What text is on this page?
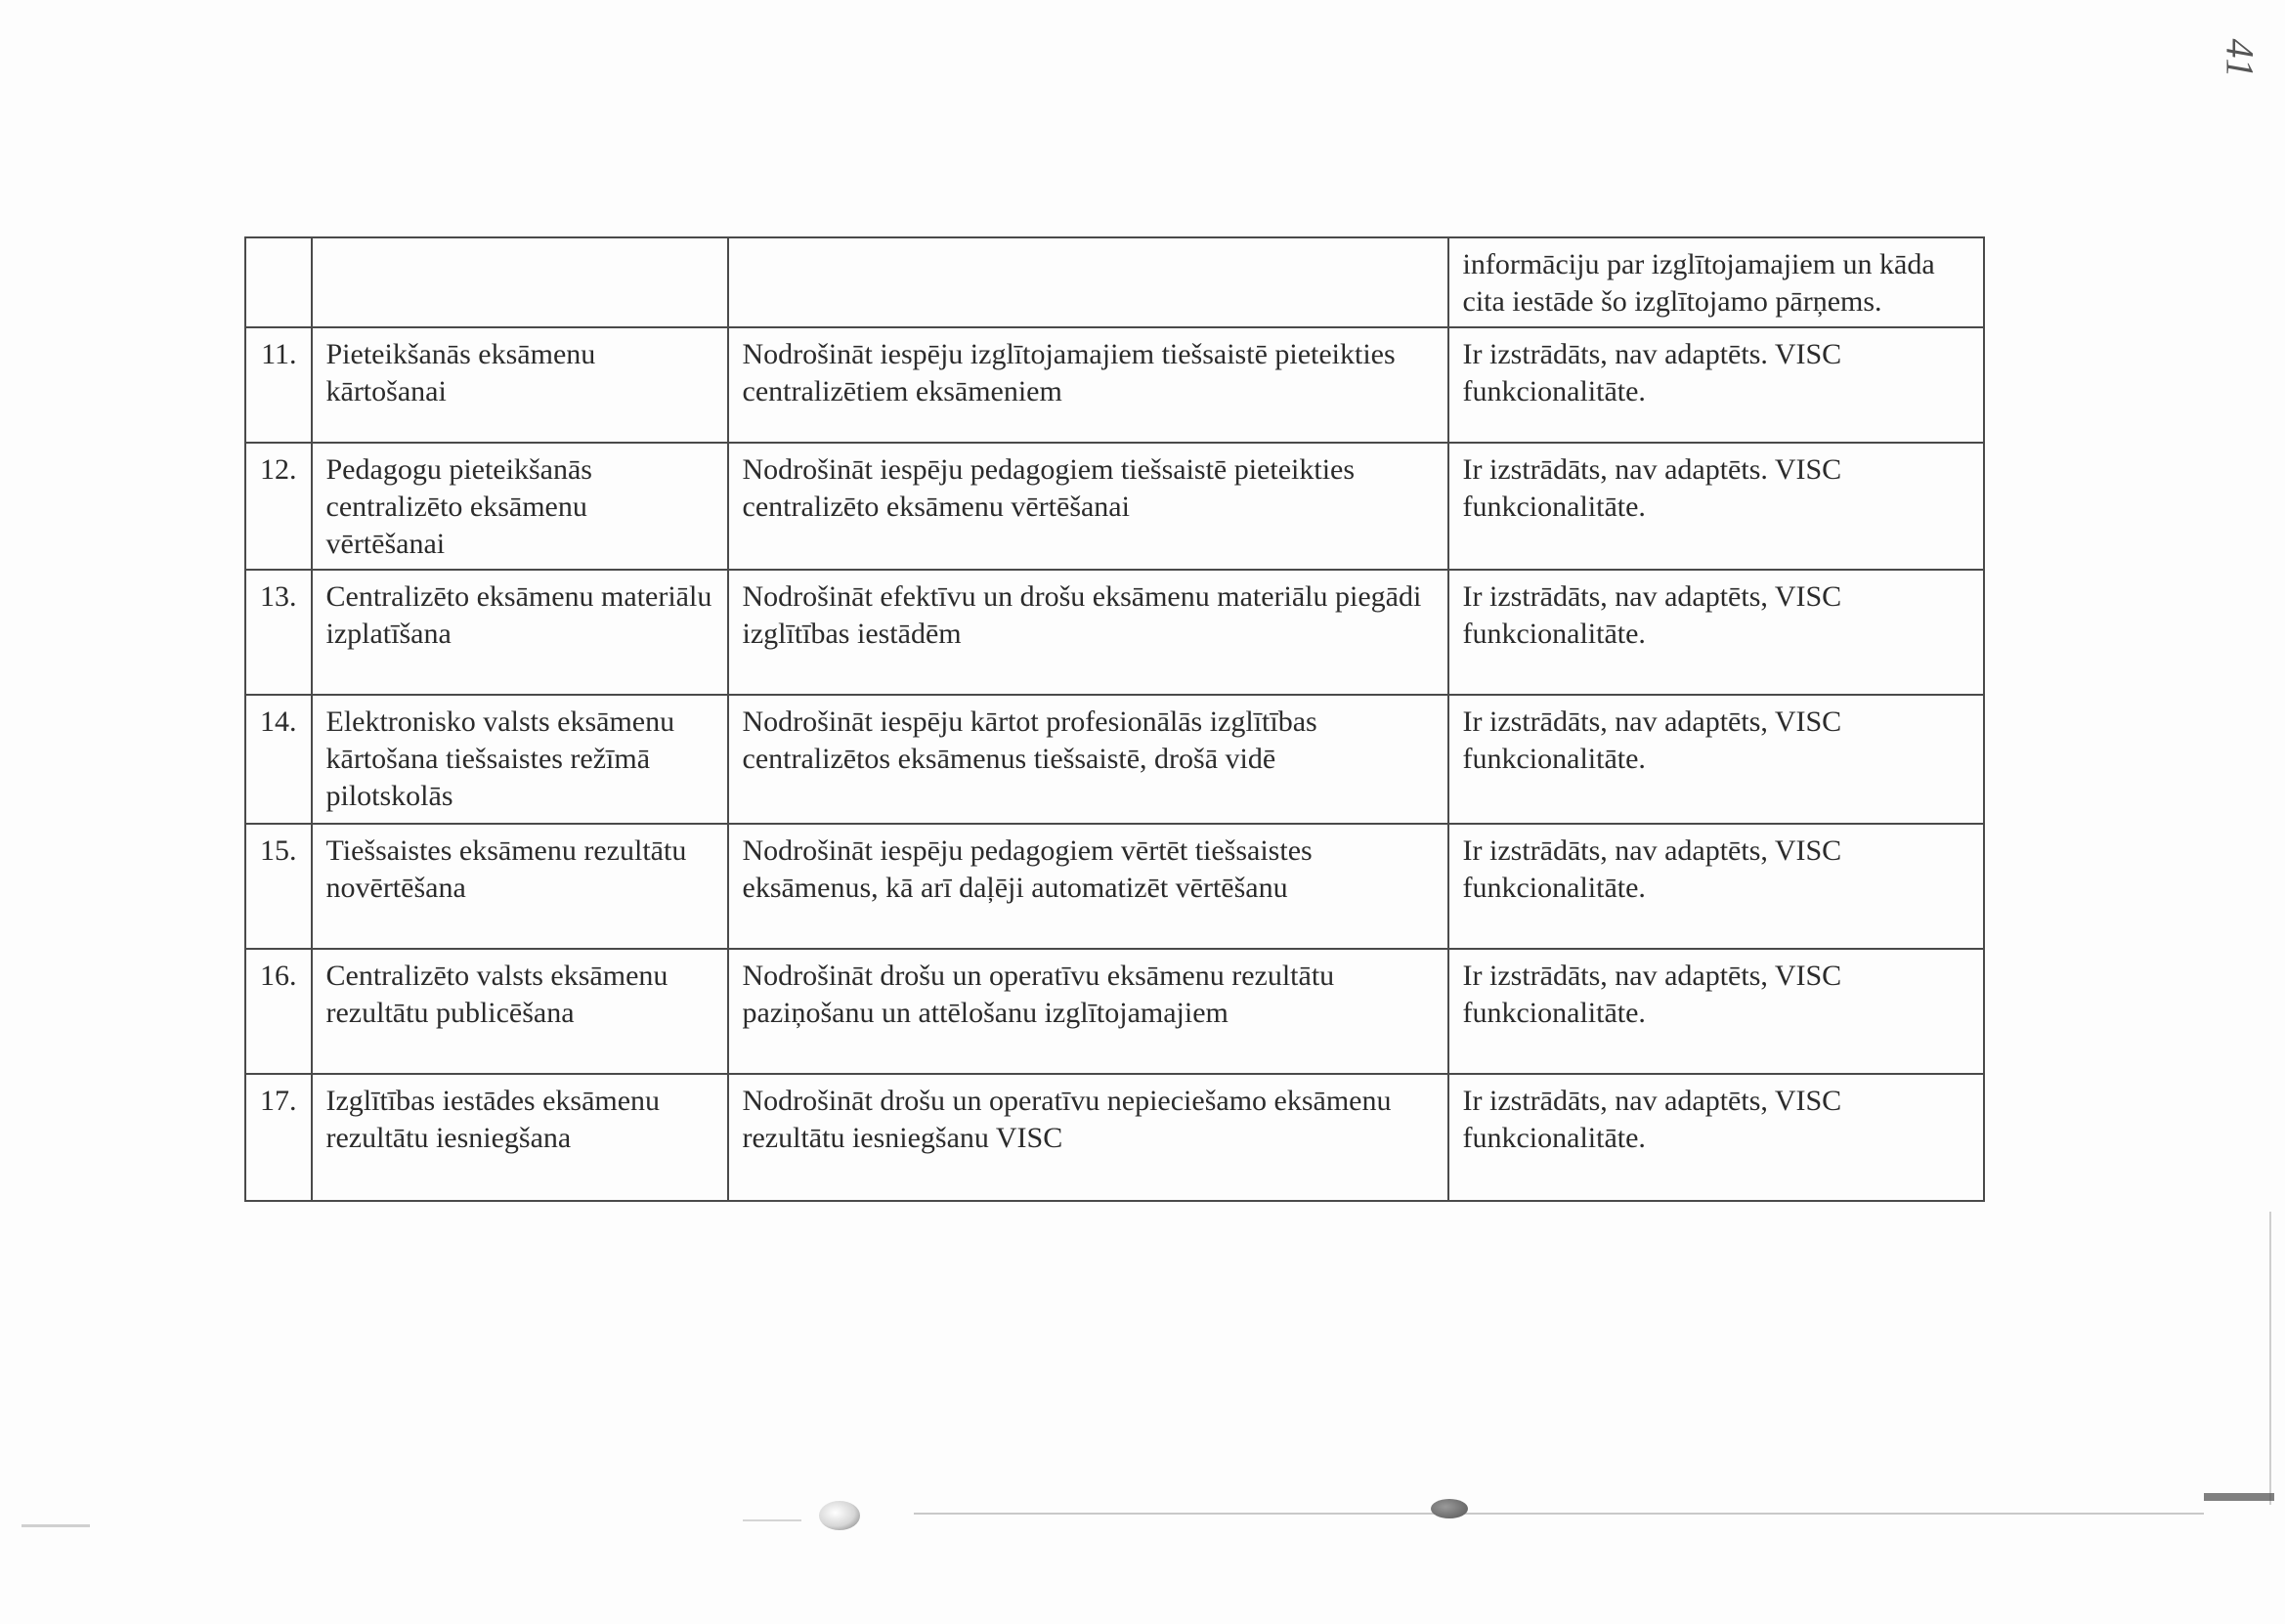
41
			informāciju par izglītojamajiem un kāda cita iestāde šo izglītojamo pārņems.
11.	Pieteikšanās eksāmenu kārtošanai	Nodrošināt iespēju izglītojamajiem tiešsaistē pieteikties centralizētiem eksāmeniem	Ir izstrādāts, nav adaptēts. VISC funkcionalitāte.
12.	Pedagogu pieteikšanās centralizēto eksāmenu vērtēšanai	Nodrošināt iespēju pedagogiem tiešsaistē pieteikties centralizēto eksāmenu vērtēšanai	Ir izstrādāts, nav adaptēts. VISC funkcionalitāte.
13.	Centralizēto eksāmenu materiālu izplatīšana	Nodrošināt efektīvu un drošu eksāmenu materiālu piegādi izglītības iestādēm	Ir izstrādāts, nav adaptēts, VISC funkcionalitāte.
14.	Elektronisko valsts eksāmenu kārtošana tiešsaistes režīmā pilotskolās	Nodrošināt iespēju kārtot profesionālās izglītības centralizētos eksāmenus tiešsaistē, drošā vidē	Ir izstrādāts, nav adaptēts, VISC funkcionalitāte.
15.	Tiešsaistes eksāmenu rezultātu novērtēšana	Nodrošināt iespēju pedagogiem vērtēt tiešsaistes eksāmenus, kā arī daļēji automatizēt vērtēšanu	Ir izstrādāts, nav adaptēts, VISC funkcionalitāte.
16.	Centralizēto valsts eksāmenu rezultātu publicēšana	Nodrošināt drošu un operatīvu eksāmenu rezultātu paziņošanu un attēlošanu izglītojamajiem	Ir izstrādāts, nav adaptēts, VISC funkcionalitāte.
17.	Izglītības iestādes eksāmenu rezultātu iesniegšana	Nodrošināt drošu un operatīvu nepieciešamo eksāmenu rezultātu iesniegšanu VISC	Ir izstrādāts, nav adaptēts, VISC funkcionalitāte.
